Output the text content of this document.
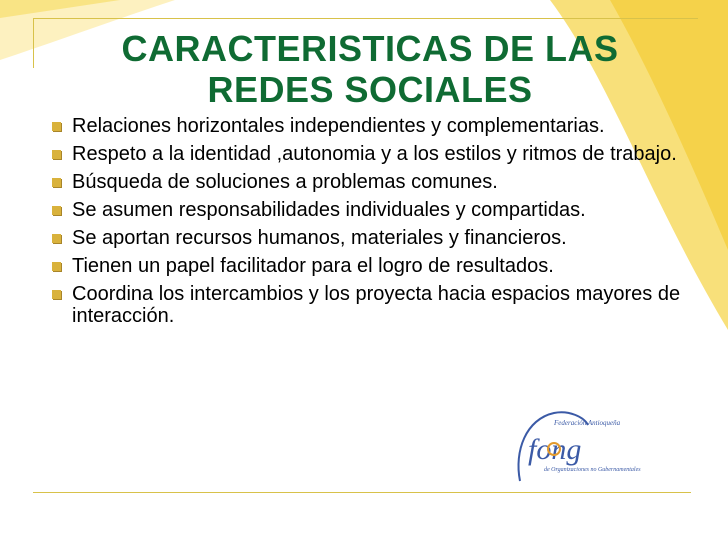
CARACTERISTICAS DE LAS REDES SOCIALES
Relaciones horizontales independientes y complementarias.
Respeto a la identidad ,autonomia y a los estilos y ritmos de trabajo.
Búsqueda de soluciones a problemas comunes.
Se asumen responsabilidades individuales y compartidas.
Se aportan recursos humanos, materiales y financieros.
Tienen un papel facilitador para el logro de resultados.
Coordina los intercambios y los proyecta hacia espacios mayores de interacción.
Federación Antioqueña
fong
de Organizaciones no Gubernamentales
